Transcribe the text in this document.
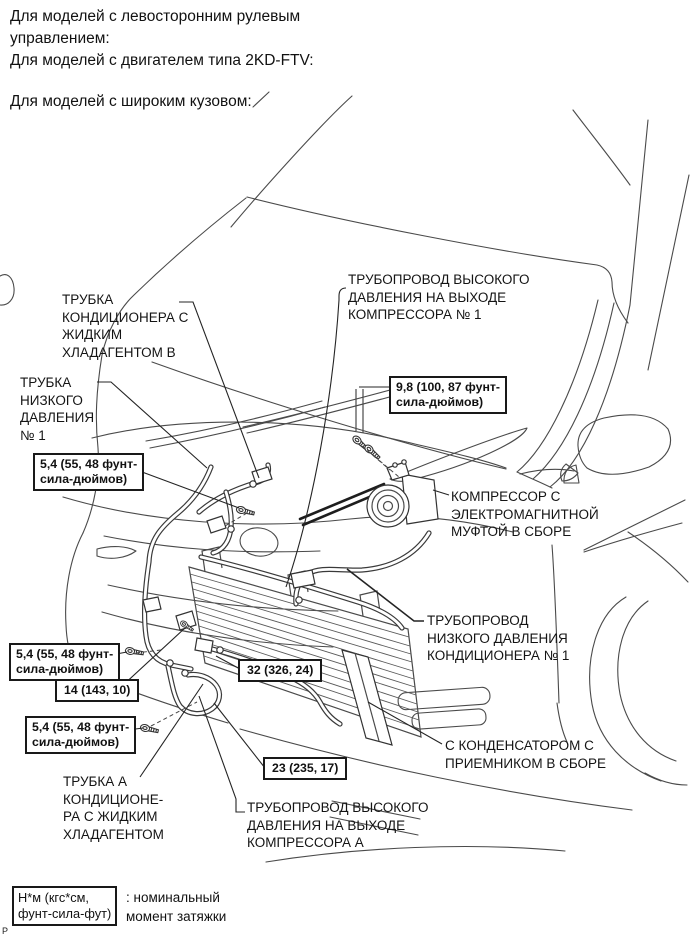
Для моделей с левосторонним рулевым
управлением:
Для моделей с двигателем типа 2KD-FTV:
Для моделей с широким кузовом:
ТРУБКА
КОНДИЦИОНЕРА С
ЖИДКИМ
ХЛАДАГЕНТОМ B
ТРУБОПРОВОД ВЫСОКОГО
ДАВЛЕНИЯ НА ВЫХОДЕ
КОМПРЕССОРА № 1
ТРУБКА
НИЗКОГО
ДАВЛЕНИЯ
№ 1
КОМПРЕССОР С
ЭЛЕКТРОМАГНИТНОЙ
МУФТОЙ В СБОРЕ
ТРУБОПРОВОД
НИЗКОГО ДАВЛЕНИЯ
КОНДИЦИОНЕРА № 1
С КОНДЕНСАТОРОМ С
ПРИЕМНИКОМ В СБОРЕ
ТРУБКА A
КОНДИЦИОНЕ-
РА С ЖИДКИМ
ХЛАДАГЕНТОМ
ТРУБОПРОВОД ВЫСОКОГО
ДАВЛЕНИЯ НА ВЫХОДЕ
КОМПРЕССОРА A
9,8 (100, 87 фунт-
сила-дюймов)
5,4 (55, 48 фунт-
сила-дюймов)
5,4 (55, 48 фунт-
сила-дюймов)
14 (143, 10)
5,4 (55, 48 фунт-
сила-дюймов)
32 (326, 24)
23 (235, 17)
Н*м (кгс*см,
фунт-сила-фут)
: номинальный
момент затяжки
P
